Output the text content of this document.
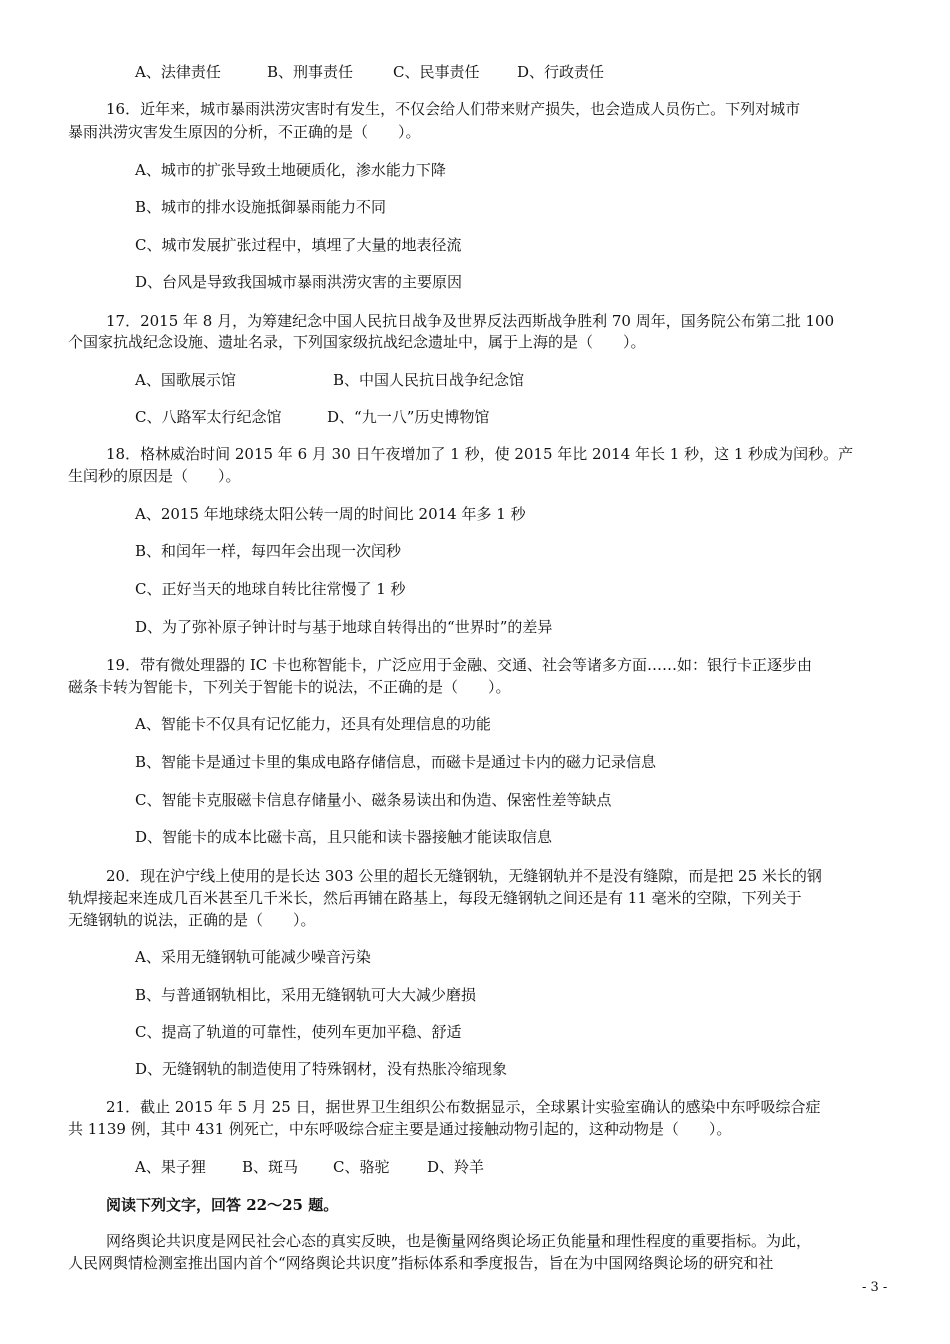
A、法律责任	B、刑事责任	C、民事责任	D、行政责任
16．近年来，城市暴雨洪涝灾害时有发生，不仅会给人们带来财产损失，也会造成人员伤亡。下列对城市
暴雨洪涝灾害发生原因的分析，不正确的是（　　）。
A、城市的扩张导致土地硬质化，渗水能力下降
B、城市的排水设施抵御暴雨能力不同
C、城市发展扩张过程中，填埋了大量的地表径流
D、台风是导致我国城市暴雨洪涝灾害的主要原因
17．2015 年 8 月，为筹建纪念中国人民抗日战争及世界反法西斯战争胜利 70 周年，国务院公布第二批 100
个国家抗战纪念设施、遗址名录，下列国家级抗战纪念遗址中，属于上海的是（　　）。
A、国歌展示馆	B、中国人民抗日战争纪念馆
C、八路军太行纪念馆	D、“九一八”历史博物馆
18．格林威治时间 2015 年 6 月 30 日午夜增加了 1 秒，使 2015 年比 2014 年长 1 秒，这 1 秒成为闰秒。产
生闰秒的原因是（　　）。
A、2015 年地球绕太阳公转一周的时间比 2014 年多 1 秒
B、和闰年一样，每四年会出现一次闰秒
C、正好当天的地球自转比往常慢了 1 秒
D、为了弥补原子钟计时与基于地球自转得出的“世界时”的差异
19．带有微处理器的 IC 卡也称智能卡，广泛应用于金融、交通、社会等诸多方面……如：银行卡正逐步由
磁条卡转为智能卡，下列关于智能卡的说法，不正确的是（　　）。
A、智能卡不仅具有记忆能力，还具有处理信息的功能
B、智能卡是通过卡里的集成电路存储信息，而磁卡是通过卡内的磁力记录信息
C、智能卡克服磁卡信息存储量小、磁条易读出和伪造、保密性差等缺点
D、智能卡的成本比磁卡高，且只能和读卡器接触才能读取信息
20．现在沪宁线上使用的是长达 303 公里的超长无缝钢轨，无缝钢轨并不是没有缝隙，而是把 25 米长的钢
轨焊接起来连成几百米甚至几千米长，然后再铺在路基上，每段无缝钢轨之间还是有 11 毫米的空隙，下列关于
无缝钢轨的说法，正确的是（　　）。
A、采用无缝钢轨可能减少噪音污染
B、与普通钢轨相比，采用无缝钢轨可大大减少磨损
C、提高了轨道的可靠性，使列车更加平稳、舒适
D、无缝钢轨的制造使用了特殊钢材，没有热胀冷缩现象
21．截止 2015 年 5 月 25 日，据世界卫生组织公布数据显示，全球累计实验室确认的感染中东呼吸综合症
共 1139 例，其中 431 例死亡，中东呼吸综合症主要是通过接触动物引起的，这种动物是（　　）。
A、果子狸 B、斑马 C、骆驼	D、羚羊
阅读下列文字，回答 22～25 题。
网络舆论共识度是网民社会心态的真实反映，也是衡量网络舆论场正负能量和理性程度的重要指标。为此，
人民网舆情检测室推出国内首个“网络舆论共识度”指标体系和季度报告，旨在为中国网络舆论场的研究和社
- 3 -
